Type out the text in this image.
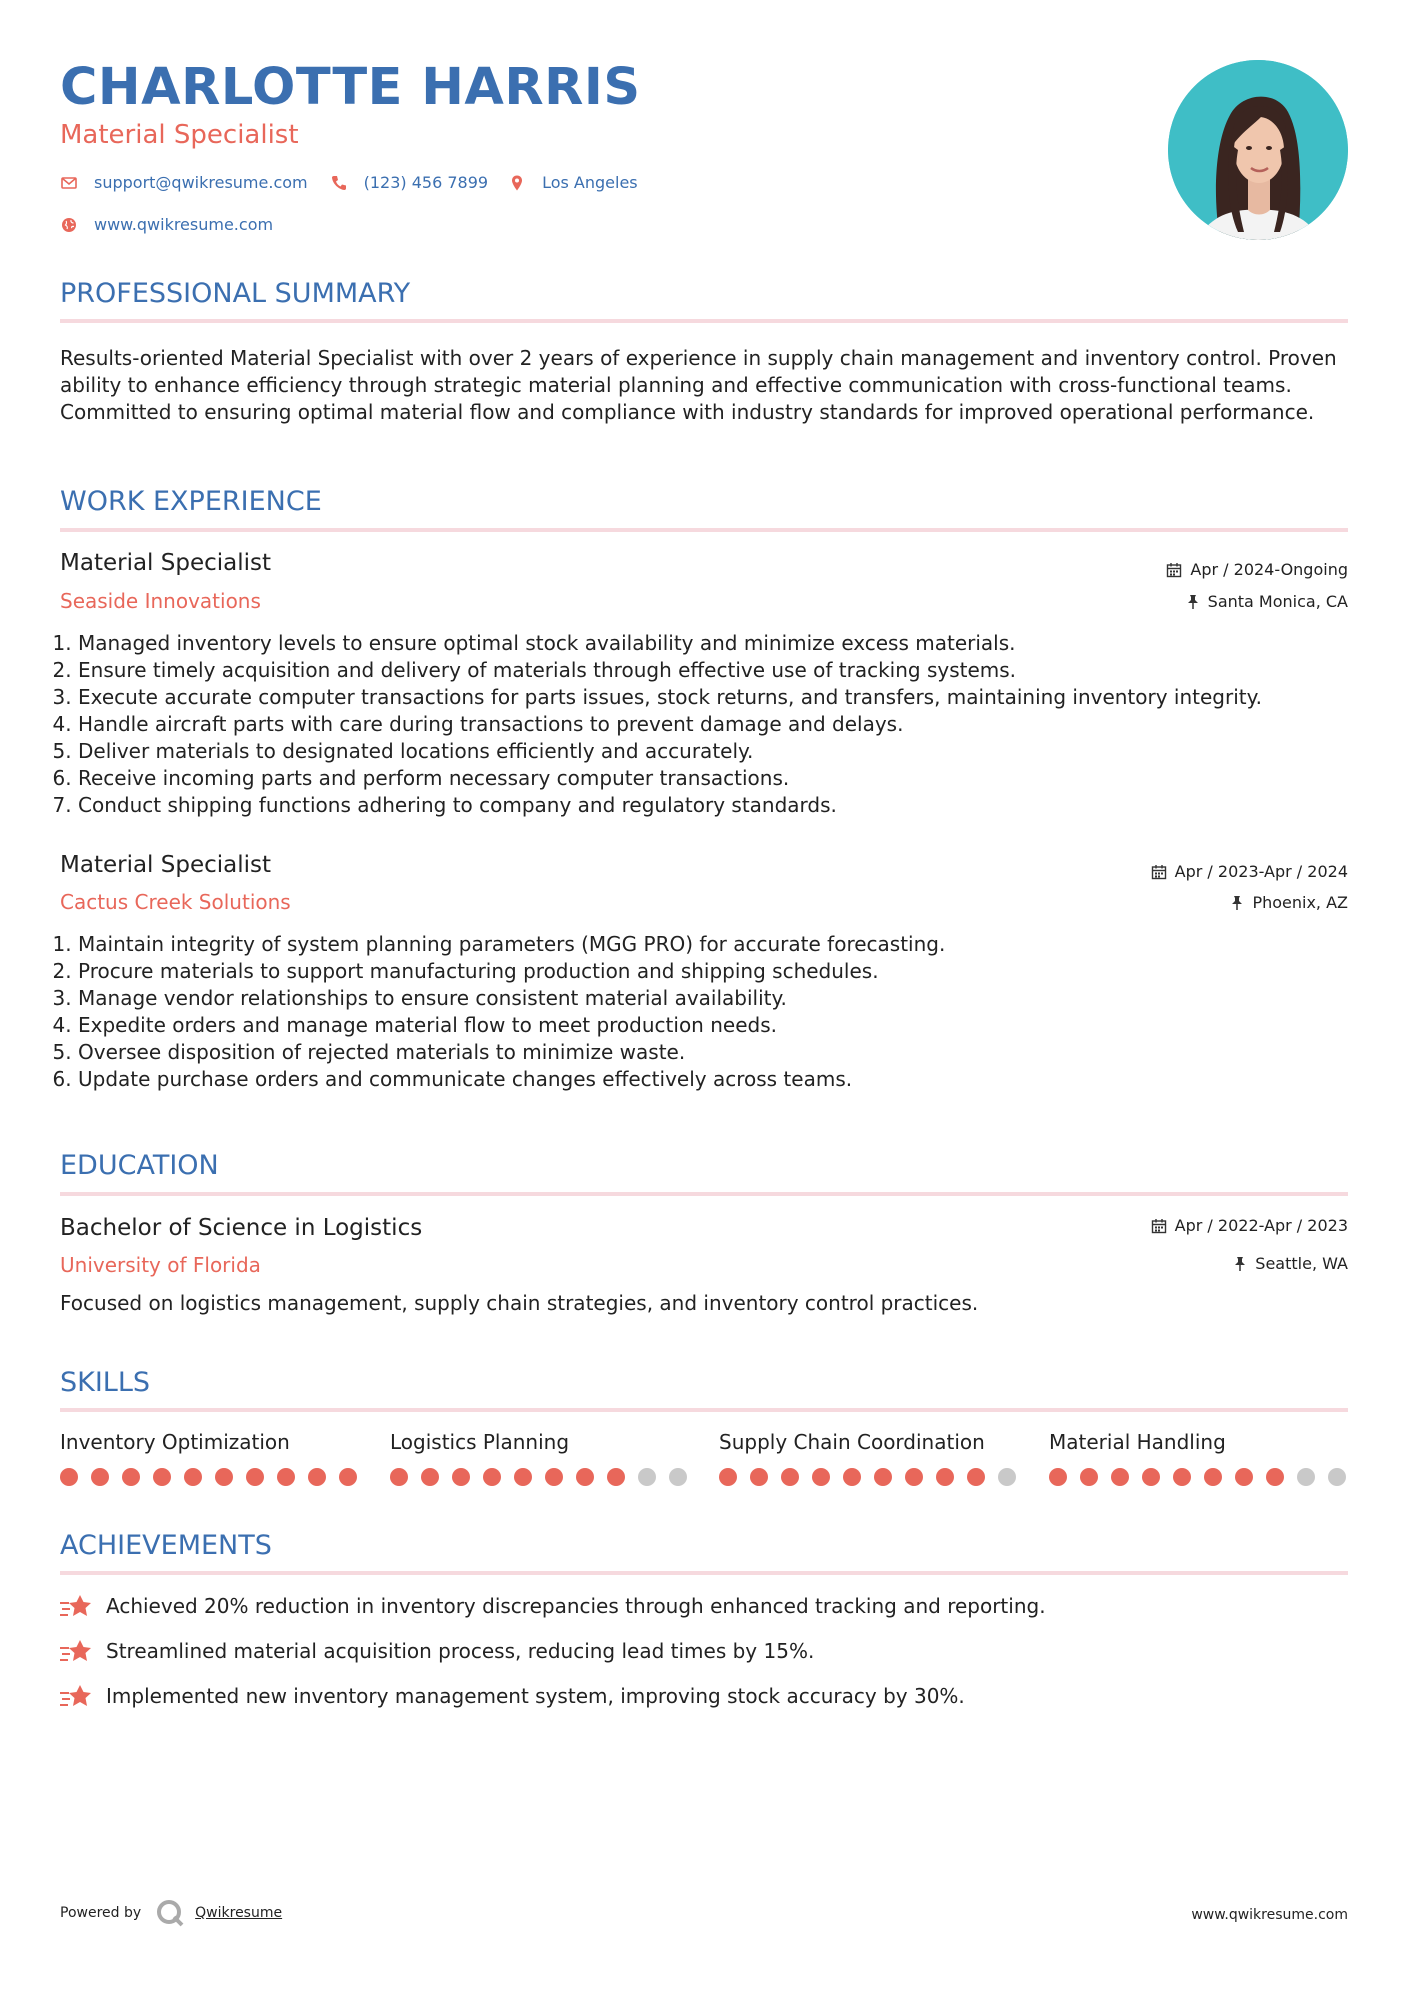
CHARLOTTE HARRIS
Material Specialist
support@qwikresume.com	(123) 456 7899	Los Angeles
www.qwikresume.com
PROFESSIONAL SUMMARY
Results-oriented Material Specialist with over 2 years of experience in supply chain management and inventory control. Proven ability to enhance efficiency through strategic material planning and effective communication with cross-functional teams. Committed to ensuring optimal material flow and compliance with industry standards for improved operational performance.
WORK EXPERIENCE
Material Specialist
Seaside Innovations
Apr / 2024-Ongoing
Santa Monica, CA
1. Managed inventory levels to ensure optimal stock availability and minimize excess materials.
2. Ensure timely acquisition and delivery of materials through effective use of tracking systems.
3. Execute accurate computer transactions for parts issues, stock returns, and transfers, maintaining inventory integrity.
4. Handle aircraft parts with care during transactions to prevent damage and delays.
5. Deliver materials to designated locations efficiently and accurately.
6. Receive incoming parts and perform necessary computer transactions.
7. Conduct shipping functions adhering to company and regulatory standards.
Material Specialist
Cactus Creek Solutions
Apr / 2023-Apr / 2024
Phoenix, AZ
1. Maintain integrity of system planning parameters (MGG PRO) for accurate forecasting.
2. Procure materials to support manufacturing production and shipping schedules.
3. Manage vendor relationships to ensure consistent material availability.
4. Expedite orders and manage material flow to meet production needs.
5. Oversee disposition of rejected materials to minimize waste.
6. Update purchase orders and communicate changes effectively across teams.
EDUCATION
Bachelor of Science in Logistics
University of Florida
Apr / 2022-Apr / 2023
Seattle, WA
Focused on logistics management, supply chain strategies, and inventory control practices.
SKILLS
Inventory Optimization	Logistics Planning	Supply Chain Coordination	Material Handling
ACHIEVEMENTS
Achieved 20% reduction in inventory discrepancies through enhanced tracking and reporting.
Streamlined material acquisition process, reducing lead times by 15%.
Implemented new inventory management system, improving stock accuracy by 30%.
Powered by	Qwikresume	www.qwikresume.com
